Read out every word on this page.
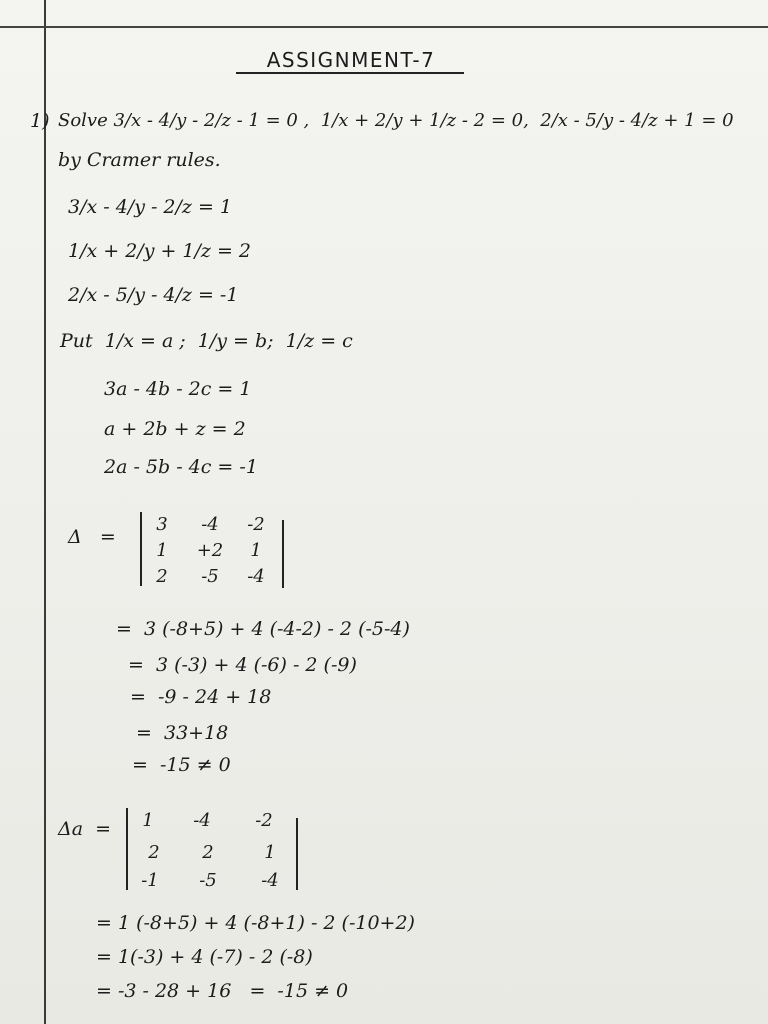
ASSIGNMENT-7
1) Solve 3/x - 4/y - 2/z - 1 = 0 ,  1/x + 2/y + 1/z - 2 = 0,  2/x - 5/y - 4/z + 1 = 0
by Cramer rules.
3/x - 4/y - 2/z = 1
1/x + 2/y + 1/z = 2
2/x - 5/y - 4/z = -1
Put  1/x = a ;  1/y = b;  1/z = c
3a - 4b - 2c = 1
a + 2b + z = 2
2a - 5b - 4c = -1
Δ   =
3	-4	-2
1	+2	1
2	-5	-4
=  3 (-8+5) + 4 (-4-2) - 2 (-5-4)
=  3 (-3) + 4 (-6) - 2 (-9)
=  -9 - 24 + 18
=  33+18
=  -15 ≠ 0
Δa  =	1	-4	-2
2	2	1
-1	-5	-4
= 1 (-8+5) + 4 (-8+1) - 2 (-10+2)
= 1(-3) + 4 (-7) - 2 (-8)
= -3 - 28 + 16   =  -15 ≠ 0
